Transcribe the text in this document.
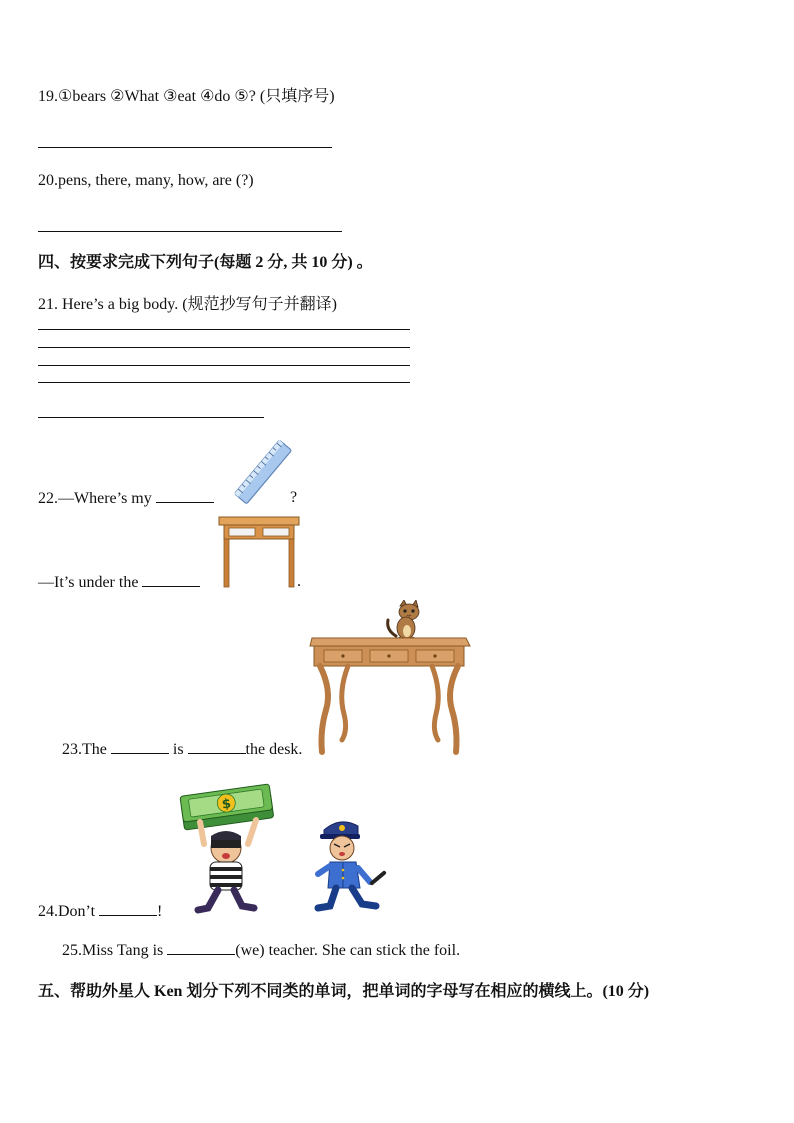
19.①bears ②What ③eat ④do ⑤? (只填序号)
20.pens, there, many, how, are (?)
四、按要求完成下列句子(每题 2 分, 共 10 分) 。
21. Here’s a big body. (规范抄写句子并翻译)
22.—Where’s my	?
—It’s under the	.
23.The	is	the desk.
$
24.Don’t	!
25.Miss Tang is	(we) teacher. She can stick the foil.
五、帮助外星人 Ken 划分下列不同类的单词，把单词的字母写在相应的横线上。(10 分)
